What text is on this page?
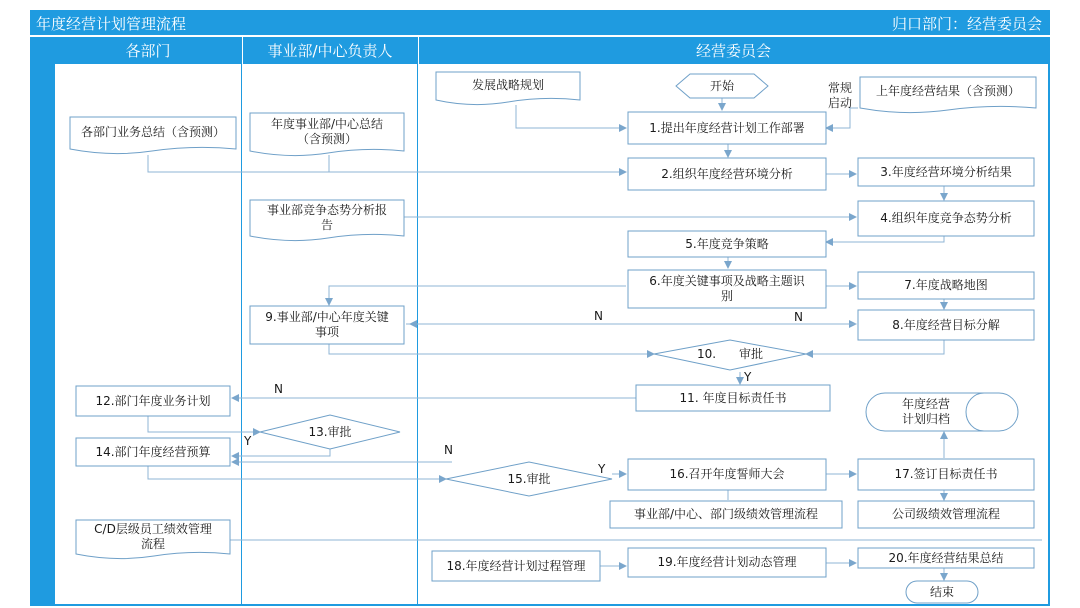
年度经营计划管理流程	归口部门：经营委员会
各部门	事业部/中心负责人	经营委员会
发展战略规划	开始	常规
启动
上年度经营结果（含预测）
各部门业务总结（含预测）
年度事业部/中心总结
（含预测）
1.提出年度经营计划工作部署
2.组织年度经营环境分析	3.年度经营环境分析结果
事业部竞争态势分析报
告	4.组织年度竞争态势分析
5.年度竞争策略
6.年度关键事项及战略主题识
别
7.年度战略地图
9.事业部/中心年度关键
事项
8.年度经营目标分解
10.      审批
11. 年度目标责任书
12.部门年度业务计划	年度经营
计划归档
13.审批
14.部门年度经营预算
15.审批	16.召开年度誓师大会	17.签订目标责任书
事业部/中心、部门级绩效管理流程	公司级绩效管理流程
C/D层级员工绩效管理
流程
18.年度经营计划过程管理	19.年度经营计划动态管理	20.年度经营结果总结
结束
N	N
N
N
Y
Y
Y
